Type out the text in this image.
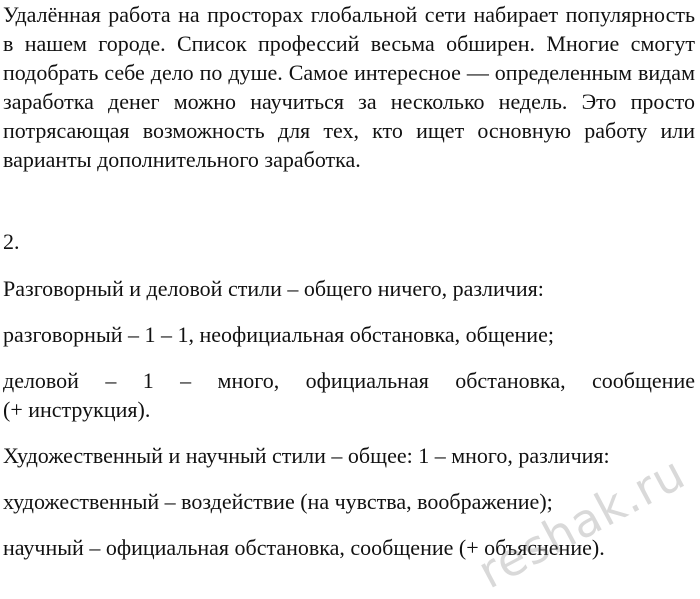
Удалённая работа на просторах глобальной сети набирает популярность в нашем городе. Список профессий весьма обширен. Многие смогут подобрать себе дело по душе. Самое интересное — определенным видам заработка денег можно научиться за несколько недель. Это просто потрясающая возможность для тех, кто ищет основную работу или варианты дополнительного заработка.

2.

Разговорный и деловой стили – общего ничего, различия:

разговорный – 1 – 1, неофициальная обстановка, общение;

деловой – 1 – много, официальная обстановка, сообщение

(+ инструкция).

Художественный и научный стили – общее: 1 – много, различия:

художественный – воздействие (на чувства, воображение);

научный – официальная обстановка, сообщение (+ объяснение).

reshak.ru
